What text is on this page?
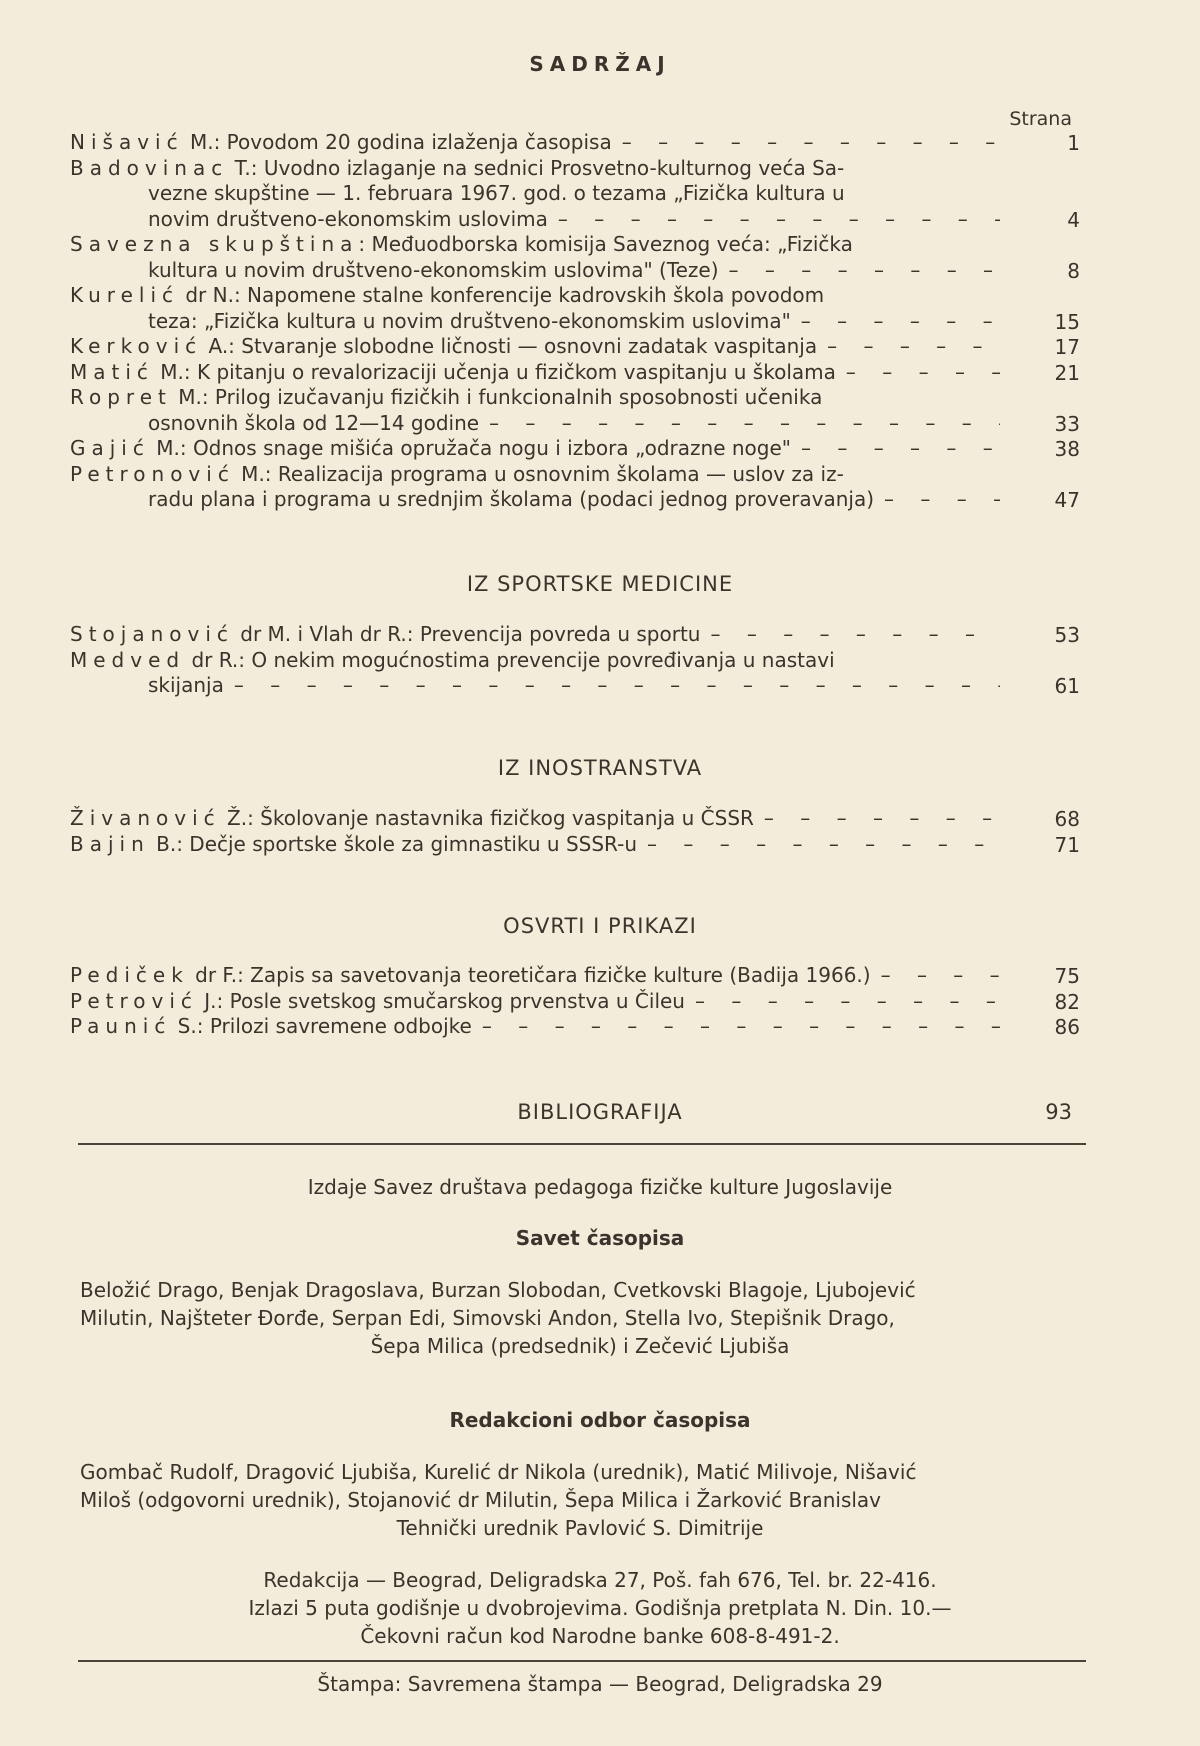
SADRŽAJ
Strana
Nišavić M.: Povodom 20 godina izlaženja časopisa – – –	1
Badovinac T.: Uvodno izlaganje na sednici Prosvetno-kulturnog veća Sa-
vezne skupštine — 1. februara 1967. god. o tezama „Fizička kultura u
novim društveno-ekonomskim uslovima – – –	4
Savezna skupština : Međuodborska komisija Saveznog veća: „Fizička
kultura u novim društveno-ekonomskim uslovima" (Teze) – – –	8
Kurelić dr N.: Napomene stalne konferencije kadrovskih škola povodom
teza: „Fizička kultura u novim društveno-ekonomskim uslovima" – – –	15
Kerković A.: Stvaranje slobodne ličnosti — osnovni zadatak vaspitanja – – –	17
Matić M.: K pitanju o revalorizaciji učenja u fizičkom vaspitanju u školama – – –	21
Ropret M.: Prilog izučavanju fizičkih i funkcionalnih sposobnosti učenika
osnovnih škola od 12—14 godine – – –	33
Gajić M.: Odnos snage mišića opružača nogu i izbora „odrazne noge" – – –	38
Petronović M.: Realizacija programa u osnovnim školama — uslov za iz-
radu plana i programa u srednjim školama (podaci jednog proveravanja) – – –	47
IZ SPORTSKE MEDICINE
Stojanović dr M. i Vlah dr R.: Prevencija povreda u sportu – – –	53
Medved dr R.: O nekim mogućnostima prevencije povređivanja u nastavi
skijanja – – –	61
IZ INOSTRANSTVA
Živanović Ž.: Školovanje nastavnika fizičkog vaspitanja u ČSSR – – –	68
Bajin B.: Dečje sportske škole za gimnastiku u SSSR-u – – –	71
OSVRTI I PRIKAZI
Pediček dr F.: Zapis sa savetovanja teoretičara fizičke kulture (Badija 1966.) – – –	75
Petrović J.: Posle svetskog smučarskog prvenstva u Čileu – – –	82
Paunić S.: Prilozi savremene odbojke – – –	86
BIBLIOGRAFIJA	93
Izdaje Savez društava pedagoga fizičke kulture Jugoslavije
Savet časopisa
Beložić Drago, Benjak Dragoslava, Burzan Slobodan, Cvetkovski Blagoje, Ljubojević
Milutin, Najšteter Đorđe, Serpan Edi, Simovski Andon, Stella Ivo, Stepišnik Drago,
Šepa Milica (predsednik) i Zečević Ljubiša
Redakcioni odbor časopisa
Gombač Rudolf, Dragović Ljubiša, Kurelić dr Nikola (urednik), Matić Milivoje, Nišavić
Miloš (odgovorni urednik), Stojanović dr Milutin, Šepa Milica i Žarković Branislav
Tehnički urednik Pavlović S. Dimitrije
Redakcija — Beograd, Deligradska 27, Poš. fah 676, Tel. br. 22-416.
Izlazi 5 puta godišnje u dvobrojevima. Godišnja pretplata N. Din. 10.—
Čekovni račun kod Narodne banke 608-8-491-2.
Štampa: Savremena štampa — Beograd, Deligradska 29
